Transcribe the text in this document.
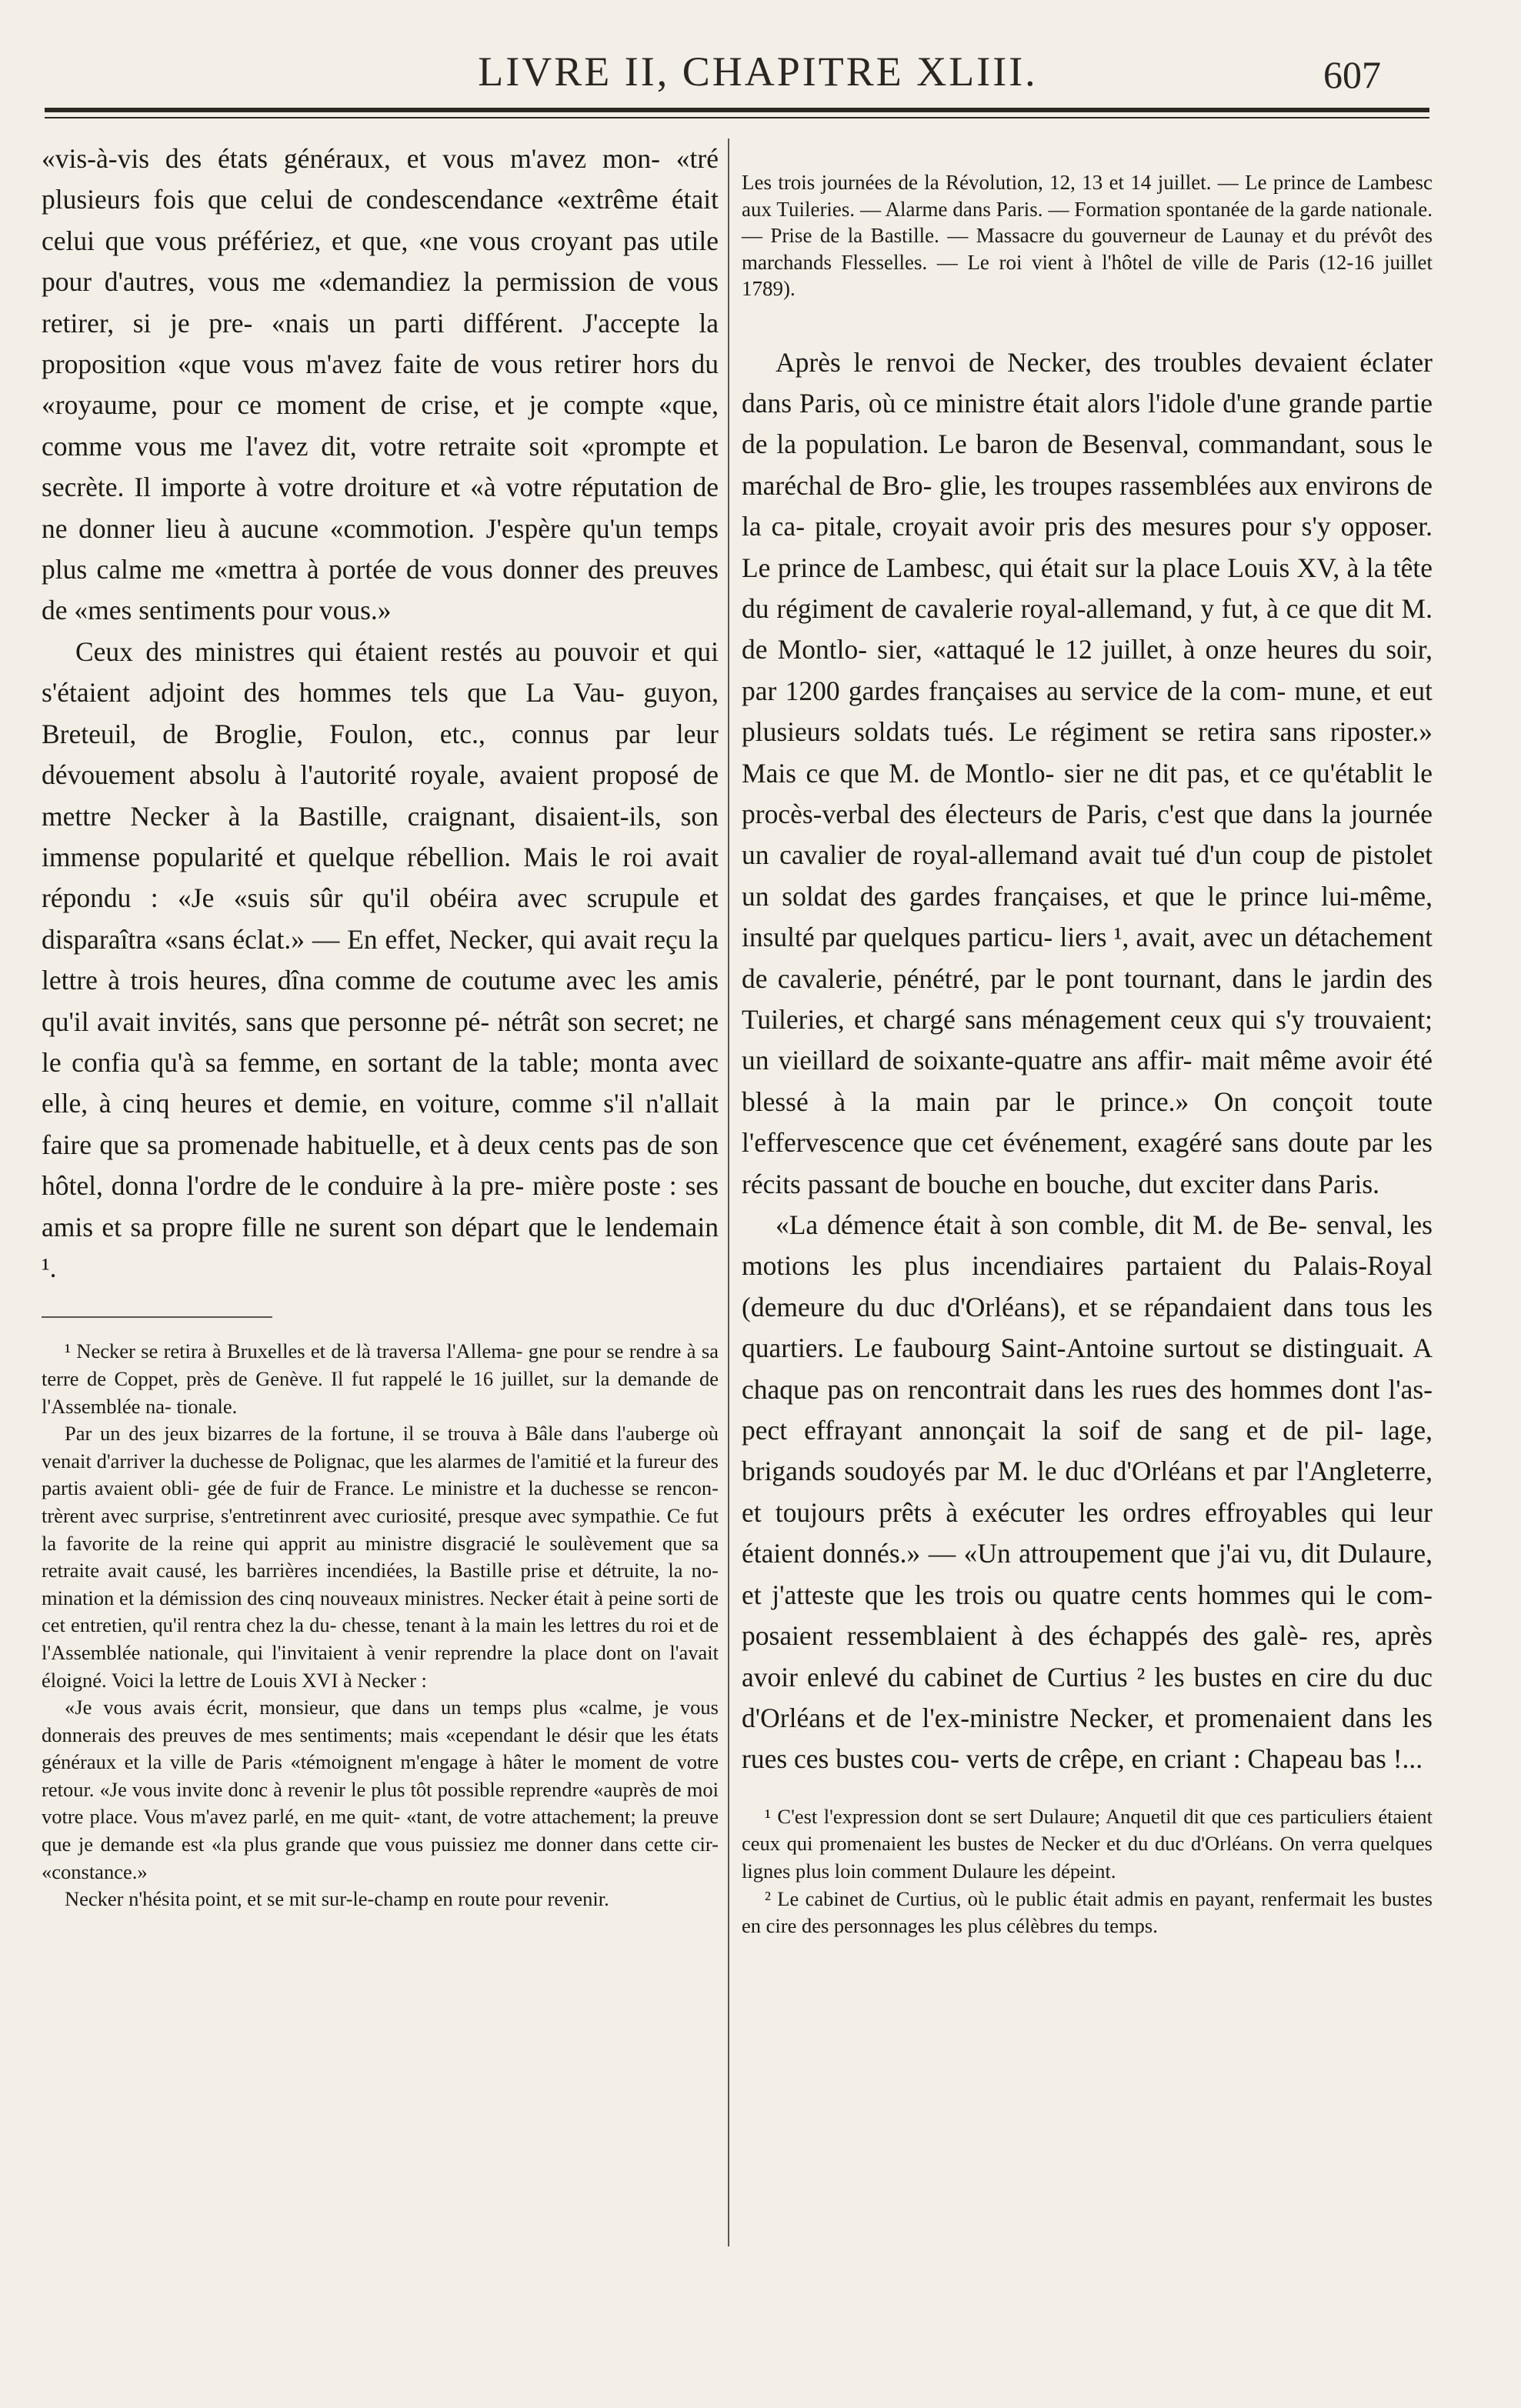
LIVRE II, CHAPITRE XLIII.	607

«vis-à-vis des états généraux, et vous m'avez mon- «tré plusieurs fois que celui de condescendance «extrême était celui que vous préfériez, et que, «ne vous croyant pas utile pour d'autres, vous me «demandiez la permission de vous retirer, si je pre- «nais un parti différent. J'accepte la proposition «que vous m'avez faite de vous retirer hors du «royaume, pour ce moment de crise, et je compte «que, comme vous me l'avez dit, votre retraite soit «prompte et secrète. Il importe à votre droiture et «à votre réputation de ne donner lieu à aucune «commotion. J'espère qu'un temps plus calme me «mettra à portée de vous donner des preuves de «mes sentiments pour vous.»

Ceux des ministres qui étaient restés au pouvoir et qui s'étaient adjoint des hommes tels que La Vau- guyon, Breteuil, de Broglie, Foulon, etc., connus par leur dévouement absolu à l'autorité royale, avaient proposé de mettre Necker à la Bastille, craignant, disaient-ils, son immense popularité et quelque rébellion. Mais le roi avait répondu : «Je «suis sûr qu'il obéira avec scrupule et disparaîtra «sans éclat.» — En effet, Necker, qui avait reçu la lettre à trois heures, dîna comme de coutume avec les amis qu'il avait invités, sans que personne pé- nétrât son secret; ne le confia qu'à sa femme, en sortant de la table; monta avec elle, à cinq heures et demie, en voiture, comme s'il n'allait faire que sa promenade habituelle, et à deux cents pas de son hôtel, donna l'ordre de le conduire à la pre- mière poste : ses amis et sa propre fille ne surent son départ que le lendemain ¹.

¹ Necker se retira à Bruxelles et de là traversa l'Allema- gne pour se rendre à sa terre de Coppet, près de Genève. Il fut rappelé le 16 juillet, sur la demande de l'Assemblée na- tionale.

Par un des jeux bizarres de la fortune, il se trouva à Bâle dans l'auberge où venait d'arriver la duchesse de Polignac, que les alarmes de l'amitié et la fureur des partis avaient obli- gée de fuir de France. Le ministre et la duchesse se rencon- trèrent avec surprise, s'entretinrent avec curiosité, presque avec sympathie. Ce fut la favorite de la reine qui apprit au ministre disgracié le soulèvement que sa retraite avait causé, les barrières incendiées, la Bastille prise et détruite, la no- mination et la démission des cinq nouveaux ministres. Necker était à peine sorti de cet entretien, qu'il rentra chez la du- chesse, tenant à la main les lettres du roi et de l'Assemblée nationale, qui l'invitaient à venir reprendre la place dont on l'avait éloigné. Voici la lettre de Louis XVI à Necker :

«Je vous avais écrit, monsieur, que dans un temps plus «calme, je vous donnerais des preuves de mes sentiments; mais «cependant le désir que les états généraux et la ville de Paris «témoignent m'engage à hâter le moment de votre retour. «Je vous invite donc à revenir le plus tôt possible reprendre «auprès de moi votre place. Vous m'avez parlé, en me quit- «tant, de votre attachement; la preuve que je demande est «la plus grande que vous puissiez me donner dans cette cir- «constance.»

Necker n'hésita point, et se mit sur-le-champ en route pour revenir.

Les trois journées de la Révolution, 12, 13 et 14 juillet. — Le prince de Lambesc aux Tuileries. — Alarme dans Paris. — Formation spontanée de la garde nationale. — Prise de la Bastille. — Massacre du gouverneur de Launay et du prévôt des marchands Flesselles. — Le roi vient à l'hôtel de ville de Paris (12-16 juillet 1789).

Après le renvoi de Necker, des troubles devaient éclater dans Paris, où ce ministre était alors l'idole d'une grande partie de la population. Le baron de Besenval, commandant, sous le maréchal de Bro- glie, les troupes rassemblées aux environs de la ca- pitale, croyait avoir pris des mesures pour s'y opposer. Le prince de Lambesc, qui était sur la place Louis XV, à la tête du régiment de cavalerie royal-allemand, y fut, à ce que dit M. de Montlo- sier, «attaqué le 12 juillet, à onze heures du soir, par 1200 gardes françaises au service de la com- mune, et eut plusieurs soldats tués. Le régiment se retira sans riposter.» Mais ce que M. de Montlo- sier ne dit pas, et ce qu'établit le procès-verbal des électeurs de Paris, c'est que dans la journée un cavalier de royal-allemand avait tué d'un coup de pistolet un soldat des gardes françaises, et que le prince lui-même, insulté par quelques particu- liers ¹, avait, avec un détachement de cavalerie, pénétré, par le pont tournant, dans le jardin des Tuileries, et chargé sans ménagement ceux qui s'y trouvaient; un vieillard de soixante-quatre ans affir- mait même avoir été blessé à la main par le prince.» On conçoit toute l'effervescence que cet événement, exagéré sans doute par les récits passant de bouche en bouche, dut exciter dans Paris.

«La démence était à son comble, dit M. de Be- senval, les motions les plus incendiaires partaient du Palais-Royal (demeure du duc d'Orléans), et se répandaient dans tous les quartiers. Le faubourg Saint-Antoine surtout se distinguait. A chaque pas on rencontrait dans les rues des hommes dont l'as- pect effrayant annonçait la soif de sang et de pil- lage, brigands soudoyés par M. le duc d'Orléans et par l'Angleterre, et toujours prêts à exécuter les ordres effroyables qui leur étaient donnés.» — «Un attroupement que j'ai vu, dit Dulaure, et j'atteste que les trois ou quatre cents hommes qui le com- posaient ressemblaient à des échappés des galè- res, après avoir enlevé du cabinet de Curtius ² les bustes en cire du duc d'Orléans et de l'ex-ministre Necker, et promenaient dans les rues ces bustes cou- verts de crêpe, en criant : Chapeau bas !...

¹ C'est l'expression dont se sert Dulaure; Anquetil dit que ces particuliers étaient ceux qui promenaient les bustes de Necker et du duc d'Orléans. On verra quelques lignes plus loin comment Dulaure les dépeint.

² Le cabinet de Curtius, où le public était admis en payant, renfermait les bustes en cire des personnages les plus célèbres du temps.
